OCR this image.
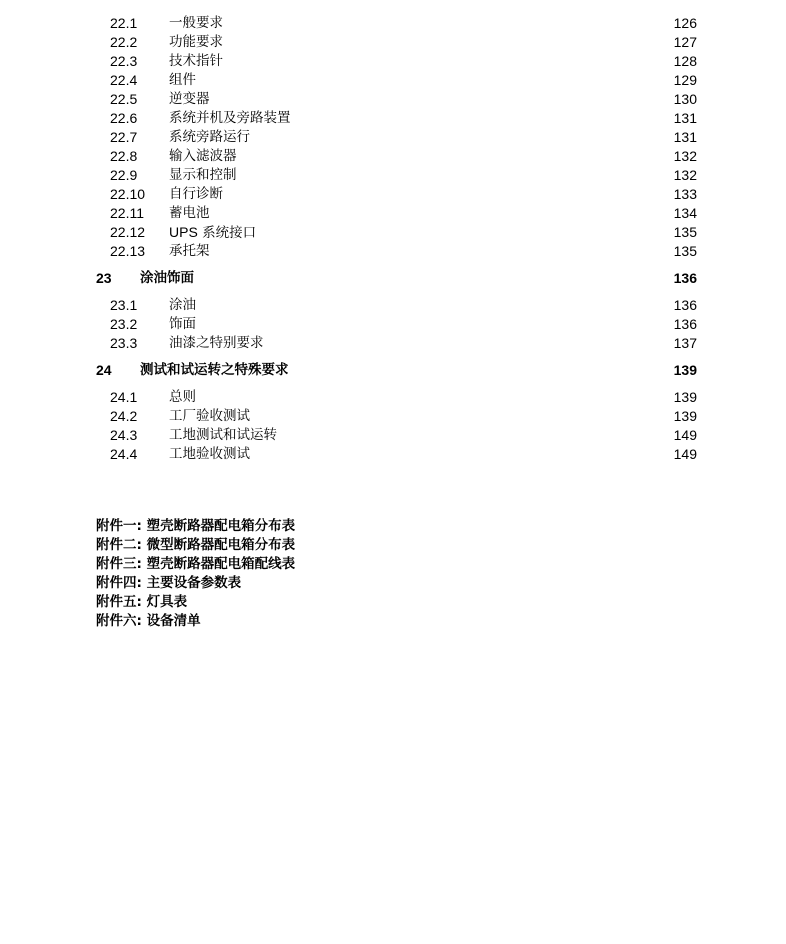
22.1 一般要求	126
22.2 功能要求	127
22.3 技术指针	128
22.4 组件	129
22.5 逆变器	130
22.6 系统并机及旁路装置	131
22.7 系统旁路运行	131
22.8 输入滤波器	132
22.9 显示和控制	132
22.10 自行诊断	133
22.11 蓄电池	134
22.12 UPS 系统接口	135
22.13 承托架	135
23 涂油饰面	136
23.1 涂油	136
23.2 饰面	136
23.3 油漆之特别要求	137
24 测试和试运转之特殊要求	139
24.1 总则	139
24.2 工厂验收测试	139
24.3 工地测试和试运转	149
24.4 工地验收测试	149
附件一: 塑壳断路器配电箱分布表
附件二: 微型断路器配电箱分布表
附件三: 塑壳断路器配电箱配线表
附件四: 主要设备参数表
附件五: 灯具表
附件六: 设备清单
